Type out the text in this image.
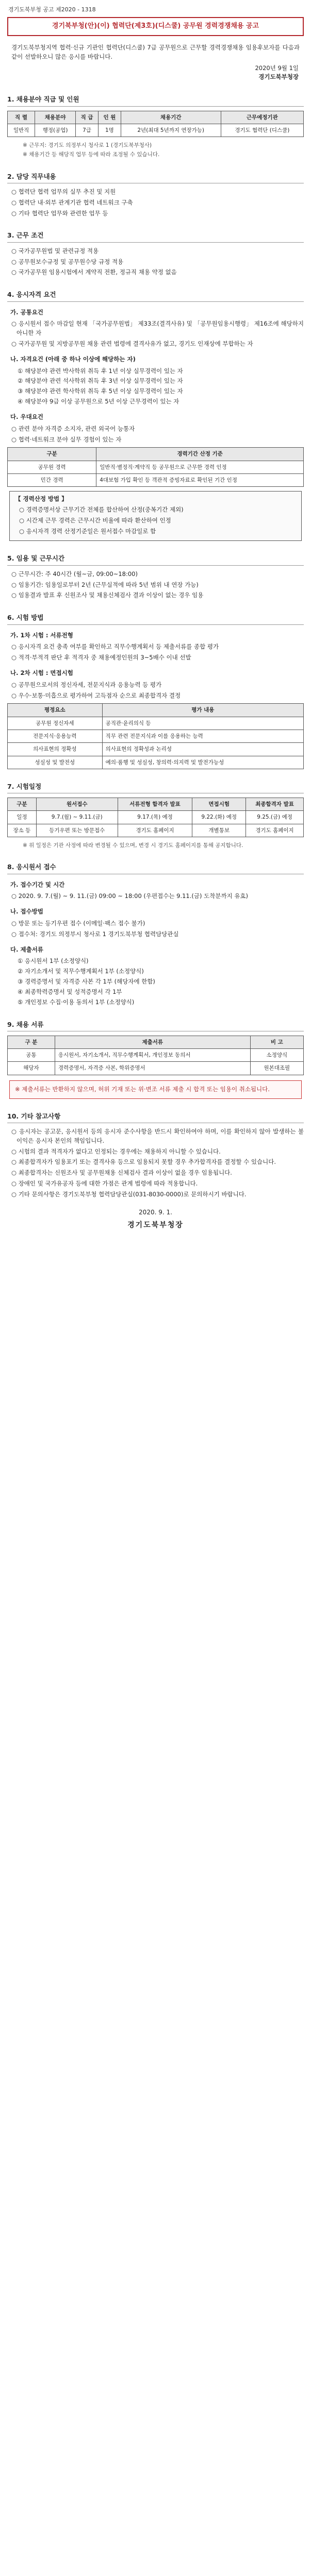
경기도북부청 공고 제2020 - 1318
경기북부청(안)(이) 협력단(제3호)(디스쿨) 공무원 경력경쟁채용 공고

경기도북부청지역 협력·신규 기관인 협력단(디스쿨) 7급 공무원으로 근무할 경력경쟁채용 임용후보자를 다음과 같이 선발하오니 많은 응시를 바랍니다.

2020년 9월 1일
경기도북부청장
1. 채용분야 직급 및 인원
직 렬	채용분야	직 급	인 원	채용기간	근무예정기관
일반직	행정(공업)	7급	1명	2년(최대 5년까지 연장가능)	경기도 협력단 (디스쿨)

※ 근무지: 경기도 의정부시 청사로 1 (경기도북부청사)

※ 채용기간 등 해당직 업무 등에 따라 조정될 수 있습니다.

2. 담당 직무내용

○ 협력단 협력 업무의 실무 추진 및 지원

○ 협력단 내·외부 관계기관 협력 네트워크 구축

○ 기타 협력단 업무와 관련한 업무 등

3. 근무 조건

○ 국가공무원법 및 관련규정 적용

○ 공무원보수규정 및 공무원수당 규정 적용

○ 국가공무원 임용시험에서 계약직 전환, 정규직 채용 약정 없음

4. 응시자격 요건
가. 공통요건

○ 응시원서 접수 마감일 현재 「국가공무원법」 제33조(결격사유) 및 「공무원임용시행령」 제16조에 해당하지 아니한 자

○ 국가공무원 및 지방공무원 채용 관련 법령에 결격사유가 없고, 경기도 인재상에 부합하는 자

나. 자격요건 (아래 중 하나 이상에 해당하는 자)

① 해당분야 관련 박사학위 취득 후 1년 이상 실무경력이 있는 자

② 해당분야 관련 석사학위 취득 후 3년 이상 실무경력이 있는 자

③ 해당분야 관련 학사학위 취득 후 5년 이상 실무경력이 있는 자

④ 해당분야 9급 이상 공무원으로 5년 이상 근무경력이 있는 자

다. 우대요건

○ 관련 분야 자격증 소지자, 관련 외국어 능통자

○ 협력·네트워크 분야 실무 경험이 있는 자

구분	경력기간 산정 기준
공무원 경력	일반직·별정직·계약직 등 공무원으로 근무한 경력 인정
민간 경력	4대보험 가입 확인 등 객관적 증빙자료로 확인된 기간 인정
【 경력산정 방법 】

○ 경력증명서상 근무기간 전체를 합산하여 산정(중복기간 제외)

○ 시간제 근무 경력은 근무시간 비율에 따라 환산하여 인정

○ 응시자격 경력 산정기준일은 원서접수 마감일로 함

5. 임용 및 근무시간

○ 근무시간: 주 40시간 (월~금, 09:00~18:00)

○ 임용기간: 임용일로부터 2년 (근무실적에 따라 5년 범위 내 연장 가능)

○ 임용결과 발표 후 신원조사 및 채용신체검사 결과 이상이 없는 경우 임용

6. 시험 방법
가. 1차 시험 : 서류전형

○ 응시자격 요건 충족 여부를 확인하고 직무수행계획서 등 제출서류를 종합 평가

○ 적격·부적격 판단 후 적격자 중 채용예정인원의 3~5배수 이내 선발

나. 2차 시험 : 면접시험

○ 공무원으로서의 정신자세, 전문지식과 응용능력 등 평가

○ 우수·보통·미흡으로 평가하여 고득점자 순으로 최종합격자 결정

평정요소	평가 내용
공무원 정신자세	공직관·윤리의식 등
전문지식·응용능력	직무 관련 전문지식과 이를 응용하는 능력
의사표현의 정확성	의사표현의 정확성과 논리성
성실성 및 발전성	예의·품행 및 성실성, 창의력·의지력 및 발전가능성
7. 시험일정
구분	원서접수	서류전형 합격자 발표	면접시험	최종합격자 발표
일정	9.7.(월) ~ 9.11.(금)	9.17.(목) 예정	9.22.(화) 예정	9.25.(금) 예정
장소 등	등기우편 또는 방문접수	경기도 홈페이지	개별통보	경기도 홈페이지

※ 위 일정은 기관 사정에 따라 변경될 수 있으며, 변경 시 경기도 홈페이지를 통해 공지합니다.

8. 응시원서 접수
가. 접수기간 및 시간

○ 2020. 9. 7.(월) ~ 9. 11.(금) 09:00 ~ 18:00 (우편접수는 9.11.(금) 도착분까지 유효)

나. 접수방법

○ 방문 또는 등기우편 접수 (이메일·팩스 접수 불가)

○ 접수처: 경기도 의정부시 청사로 1 경기도북부청 협력담당관실

다. 제출서류

① 응시원서 1부 (소정양식)

② 자기소개서 및 직무수행계획서 1부 (소정양식)

③ 경력증명서 및 자격증 사본 각 1부 (해당자에 한함)

④ 최종학력증명서 및 성적증명서 각 1부

⑤ 개인정보 수집·이용 동의서 1부 (소정양식)

9. 채용 서류
구 분	제출서류	비 고
공통	응시원서, 자기소개서, 직무수행계획서, 개인정보 동의서	소정양식
해당자	경력증명서, 자격증 사본, 학위증명서	원본대조필
※ 제출서류는 반환하지 않으며, 허위 기재 또는 위·변조 서류 제출 시 합격 또는 임용이 취소됩니다.
10. 기타 참고사항

○ 응시자는 공고문, 응시원서 등의 응시자 준수사항을 반드시 확인하여야 하며, 이를 확인하지 않아 발생하는 불이익은 응시자 본인의 책임입니다.

○ 시험의 결과 적격자가 없다고 인정되는 경우에는 채용하지 아니할 수 있습니다.

○ 최종합격자가 임용포기 또는 결격사유 등으로 임용되지 못할 경우 추가합격자를 결정할 수 있습니다.

○ 최종합격자는 신원조사 및 공무원채용 신체검사 결과 이상이 없을 경우 임용됩니다.

○ 장애인 및 국가유공자 등에 대한 가점은 관계 법령에 따라 적용합니다.

○ 기타 문의사항은 경기도북부청 협력담당관실(031-8030-0000)로 문의하시기 바랍니다.

2020. 9. 1.
경기도북부청장
